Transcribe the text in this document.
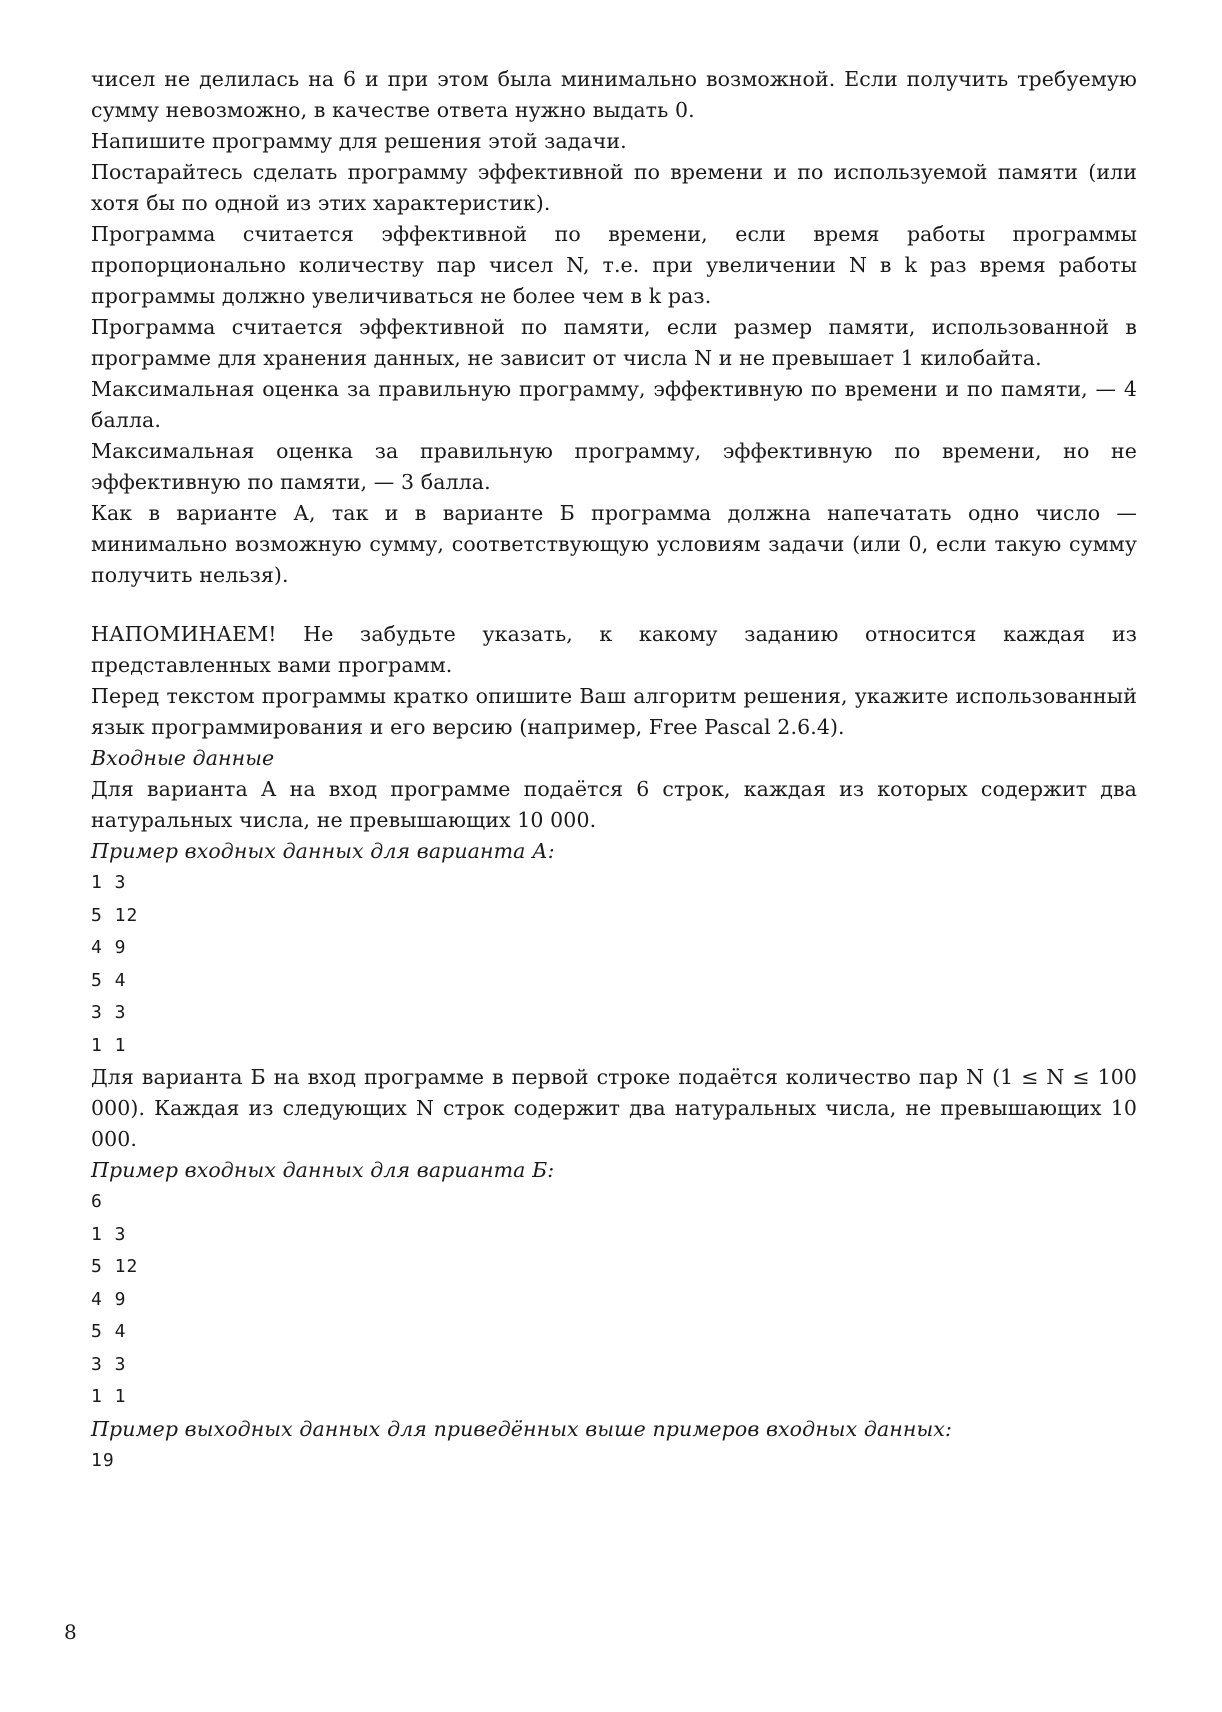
чисел не делилась на 6 и при этом была минимально возможной. Если получить требуемую сумму невозможно, в качестве ответа нужно выдать 0.

Напишите программу для решения этой задачи.

Постарайтесь сделать программу эффективной по времени и по используемой памяти (или хотя бы по одной из этих характеристик).

Программа считается эффективной по времени, если время работы программы пропорционально количеству пар чисел N, т.е. при увеличении N в k раз время работы программы должно увеличиваться не более чем в k раз.

Программа считается эффективной по памяти, если размер памяти, использованной в программе для хранения данных, не зависит от числа N и не превышает 1 килобайта.

Максимальная оценка за правильную программу, эффективную по времени и по памяти, — 4 балла.

Максимальная оценка за правильную программу, эффективную по времени, но не эффективную по памяти, — 3 балла.

Как в варианте А, так и в варианте Б программа должна напечатать одно число — минимально возможную сумму, соответствующую условиям задачи (или 0, если такую сумму получить нельзя).

НАПОМИНАЕМ! Не забудьте указать, к какому заданию относится каждая из представленных вами программ.

Перед текстом программы кратко опишите Ваш алгоритм решения, укажите использованный язык программирования и его версию (например, Free Pascal 2.6.4).

Входные данные

Для варианта А на вход программе подаётся 6 строк, каждая из которых содержит два натуральных числа, не превышающих 10 000.

Пример входных данных для варианта А:

1 3

5 12

4 9

5 4

3 3

1 1

Для варианта Б на вход программе в первой строке подаётся количество пар N (1 ≤ N ≤ 100 000). Каждая из следующих N строк содержит два натуральных числа, не превышающих 10 000.

Пример входных данных для варианта Б:

6

1 3

5 12

4 9

5 4

3 3

1 1

Пример выходных данных для приведённых выше примеров входных данных:

19

8
